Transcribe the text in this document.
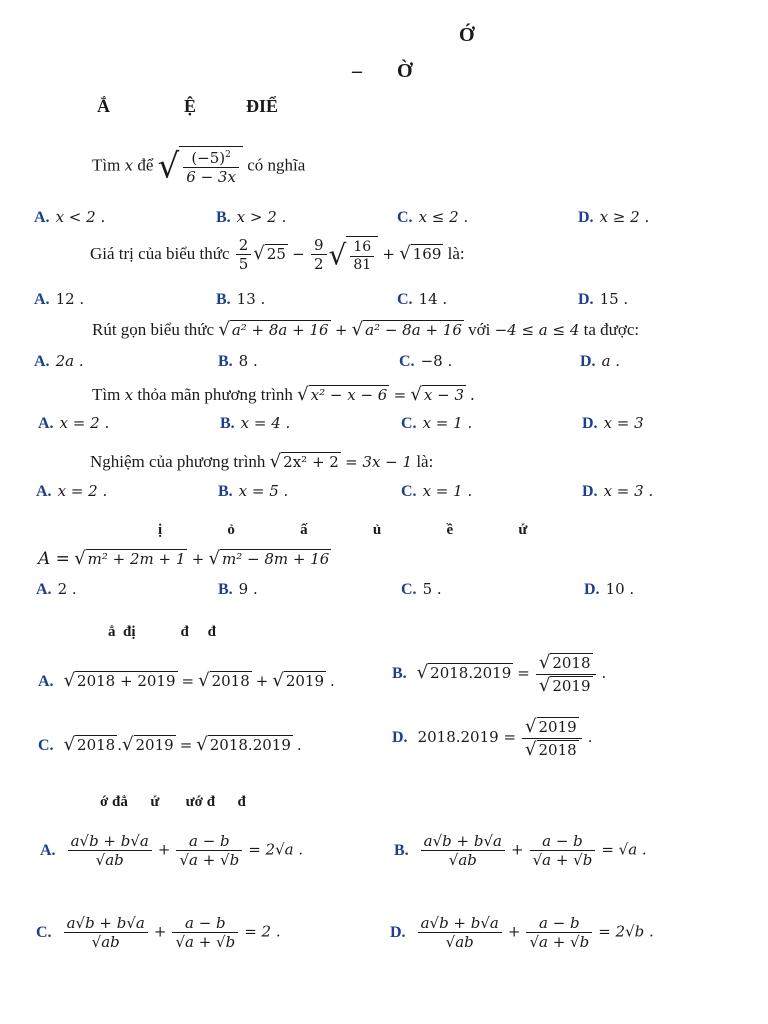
Ớ
– Ờ
Ắ	Ệ	ĐIỂ
Tìm x để √ $\frac{(-5)^2}{6 - 3x}$ có nghĩa
A. x < 2 .	B. x > 2 .	C. x ≤ 2 .	D. x ≥ 2 .
Giá trị của biểu thức $\frac{2}{5}$ √ $25 - \frac{9}{2}$ √ $\frac{16}{81}$ + √ 169 là:
A. 12 .	B. 13 .	C. 14 .	D. 15 .
Rút gọn biểu thức √ a² + 8a + 16 + √ a² − 8a + 16 với −4 ≤ a ≤ 4 ta được:
A. 2a .	B. 8 .	C. −8 .	D. a .
Tìm x thỏa mãn phương trình √ x² − x − 6 = √ x − 3 .
A. x = 2 .	B. x = 4 .	C. x = 1 .	D. x = 3
Nghiệm của phương trình √ 2x² + 2 = 3x − 1 là:
A. x = 2 .	B. x = 5 .	C. x = 1 .	D. x = 3 .
ị   ỏ   ấ   ủ   ề   ứ
A = √ m² + 2m + 1 + √ m² − 8m + 16
A. 2 .	B. 9 .	C. 5 .	D. 10 .
ẳ  đị            đ     đ
A. √ 2018 + 2019 = √ 2018 + √ 2019 .	B. √ $2018.2019 = \frac{√ 2018}{√ 2019}$ .
C. √ 2018 .√ 2019 = √ 2018.2019 .	D. $2018.2019 = \frac{√ 2019}{√ 2018}$ .
ớ đẳ      ứ       ướ đ      đ
A. $\frac{a√b + b√a}{√ab} + \frac{a - b}{√a + √b} = 2√a$ .	B. $\frac{a√b + b√a}{√ab} + \frac{a - b}{√a + √b} = √a$ .
C. $\frac{a√b + b√a}{√ab} + \frac{a - b}{√a + √b} = 2$ .	D. $\frac{a√b + b√a}{√ab} + \frac{a - b}{√a + √b} = 2√b$ .
